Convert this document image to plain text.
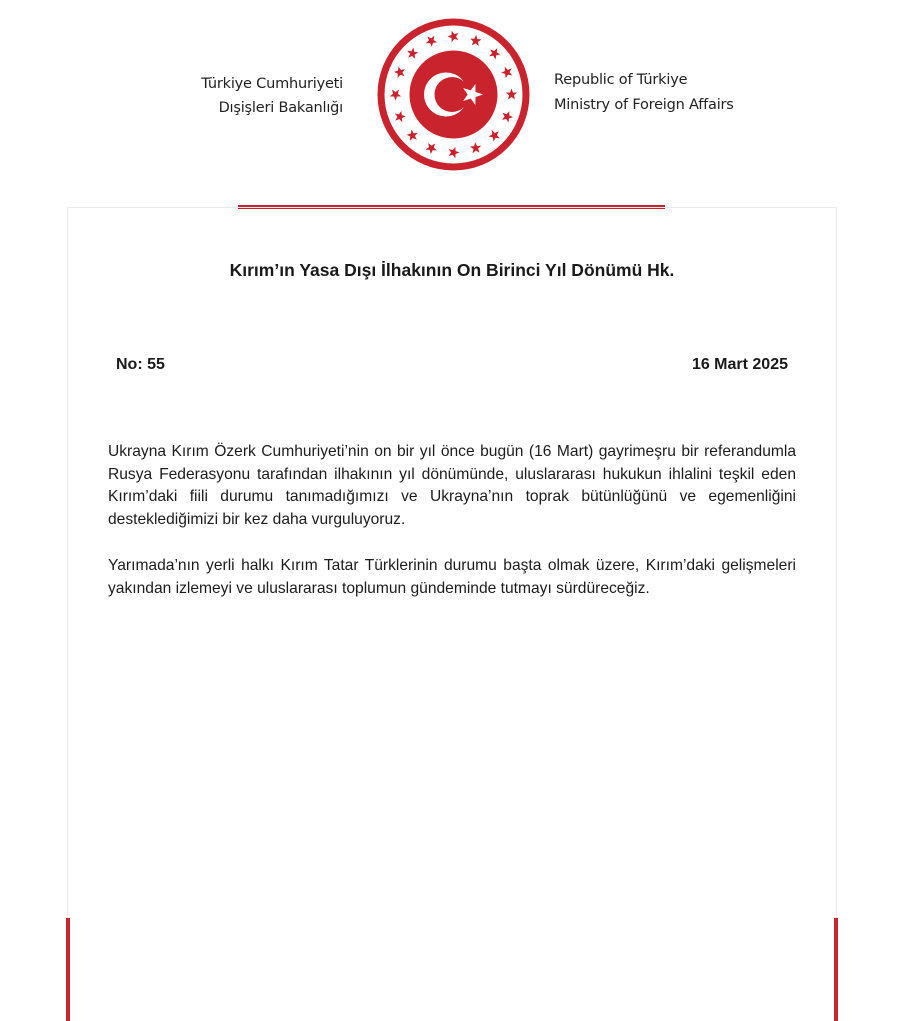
Türkiye Cumhuriyeti
Dışişleri Bakanlığı
Republic of Türkiye
Ministry of Foreign Affairs
Kırım’ın Yasa Dışı İlhakının On Birinci Yıl Dönümü Hk.
No: 55	16 Mart 2025
Ukrayna Kırım Özerk Cumhuriyeti’nin on bir yıl önce bugün (16 Mart) gayrimeşru bir referandumla Rusya Federasyonu tarafından ilhakının yıl dönümünde, uluslararası hukukun ihlalini teşkil eden Kırım’daki fiili durumu tanımadığımızı ve Ukrayna’nın toprak bütünlüğünü ve egemenliğini desteklediğimizi bir kez daha vurguluyoruz.
Yarımada’nın yerli halkı Kırım Tatar Türklerinin durumu başta olmak üzere, Kırım’daki gelişmeleri yakından izlemeyi ve uluslararası toplumun gündeminde tutmayı sürdüreceğiz.
